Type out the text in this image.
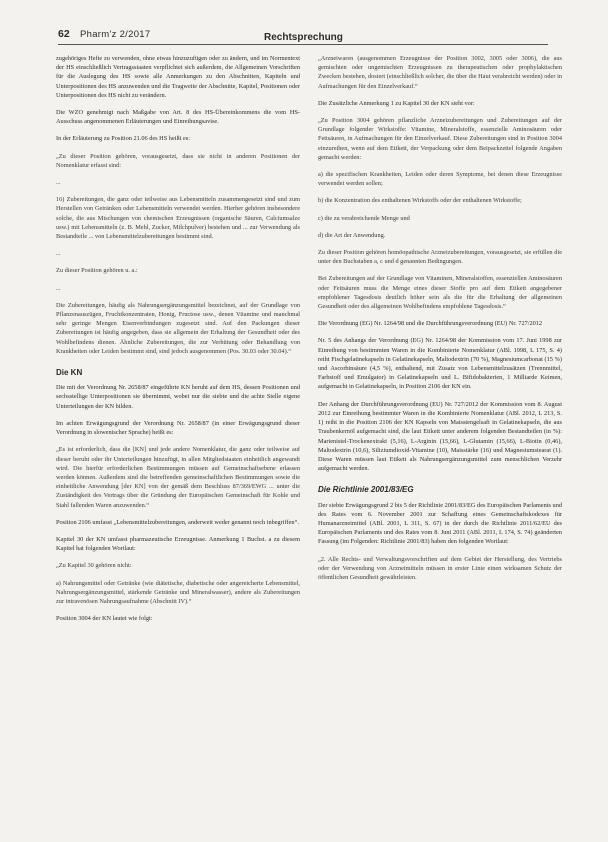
62 Pharm'z 2/2017	Rechtsprechung

zugehöriges Hefte zu verwenden, ohne etwas hinzuzufügen oder zu ändern, und im Normentext der HS einschließlich Vertragsstaaten verpflichtet sich außerdem, die Allgemeinen Vorschriften für die Auslegung des HS sowie alle Anmerkungen zu den Abschnitten, Kapiteln und Unterpositionen des HS anzuwenden und die Tragweite der Abschnitte, Kapitel, Positionen oder Unterpositionen des HS nicht zu verändern.

Die WZO genehmigt nach Maßgabe von Art. 8 des HS-Übereinkommens die vom HS-Ausschuss angenommenen Erläuterungen und Einreihungsavise.

In der Erläuterung zu Position 21.06 des HS heißt es:

„Zu dieser Position gehören, vorausgesetzt, dass sie nicht in anderen Positionen der Nomenklatur erfasst sind:

...

16) Zubereitungen, die ganz oder teilweise aus Lebensmitteln zusammengesetzt sind und zum Herstellen von Getränken oder Lebensmitteln verwendet werden. Hierher gehören insbesondere solche, die aus Mischungen von chemischen Erzeugnissen (organische Säuren, Calciumsalze usw.) mit Lebensmitteln (z. B. Mehl, Zucker, Milchpulver) bestehen und ... zur Verwendung als Bestandteile ... von Lebensmittelzubereitungen bestimmt sind.

...

Zu dieser Position gehören u. a.:

...

Die Zubereitungen, häufig als Nahrungsergänzungsmittel bezeichnet, auf der Grundlage von Pflanzenauszügen, Fruchtkonzentraten, Honig, Fructose usw., denen Vitamine und manchmal sehr geringe Mengen Eisenverbindungen zugesetzt sind. Auf den Packungen dieser Zubereitungen ist häufig angegeben, dass sie allgemein der Erhaltung der Gesundheit oder des Wohlbefindens dienen. Ähnliche Zubereitungen, die zur Verhütung oder Behandlung von Krankheiten oder Leiden bestimmt sind, sind jedoch ausgenommen (Pos. 30.03 oder 30.04).“

Die KN

Die mit der Verordnung Nr. 2658/87 eingeführte KN beruht auf dem HS, dessen Positionen und sechsstellige Unterpositionen sie übernimmt, wobei nur die siebte und die achte Stelle eigene Unterteilungen der KN bilden.

Im achten Erwägungsgrund der Verordnung Nr. 2658/87 (in einer Erwägungsgrund dieser Verordnung in slowenischer Sprache) heißt es:

„Es ist erforderlich, dass die [KN] und jede andere Nomenklatur, die ganz oder teilweise auf dieser beruht oder ihr Unterteilungen hinzufügt, in allen Mitgliedstaaten einheitlich angewandt wird. Die hierfür erforderlichen Bestimmungen müssen auf Gemeinschaftsebene erlassen werden können. Außerdem sind die betreffenden gemeinschaftlichen Bestimmungen sowie die einheitliche Anwendung [der KN] von der gemäß dem Beschluss 87/369/EWG ... unter die Zuständigkeit des Vertrags über die Gründung der Europäischen Gemeinschaft für Kohle und Stahl fallenden Waren anzuwenden.“

Position 2106 umfasst „Lebensmittelzubereitungen, anderweit weder genannt noch inbegriffen“.

Kapitel 30 der KN umfasst pharmazeutische Erzeugnisse. Anmerkung 1 Buchst. a zu diesem Kapitel hat folgenden Wortlaut:

„Zu Kapitel 30 gehören nicht:

a) Nahrungsmittel oder Getränke (wie diätetische, diabetische oder angereicherte Lebensmittel, Nahrungsergänzungsmittel, stärkende Getränke und Mineralwasser), andere als Zubereitungen zur intravenösen Nahrungsaufnahme (Abschnitt IV).“

Position 3004 der KN lautet wie folgt:

„Arzneiwaren (ausgenommen Erzeugnisse der Position 3002, 3005 oder 3006), die aus gemischten oder ungemischten Erzeugnissen zu therapeutischen oder prophylaktischen Zwecken bestehen, dosiert (einschließlich solcher, die über die Haut verabreicht werden) oder in Aufmachungen für den Einzelverkauf.“

Die Zusätzliche Anmerkung 1 zu Kapitel 30 der KN sieht vor:

„Zu Position 3004 gehören pflanzliche Arzneizubereitungen und Zubereitungen auf der Grundlage folgender Wirkstoffe: Vitamine, Mineralstoffe, essenzielle Aminosäuren oder Fettsäuren, in Aufmachungen für den Einzelverkauf. Diese Zubereitungen sind in Position 3004 einzureihen, wenn auf dem Etikett, der Verpackung oder dem Beipackzettel folgende Angaben gemacht werden:

a) die spezifischen Krankheiten, Leiden oder deren Symptome, bei denen diese Erzeugnisse verwendet werden sollen;

b) die Konzentration des enthaltenen Wirkstoffs oder der enthaltenen Wirkstoffe;

c) die zu verabreichende Menge und

d) die Art der Anwendung.

Zu dieser Position gehören homöopathische Arzneizubereitungen, vorausgesetzt, sie erfüllen die unter den Buchstaben a, c und d genannten Bedingungen.

Bei Zubereitungen auf der Grundlage von Vitaminen, Mineralstoffen, essenziellen Aminosäuren oder Fettsäuren muss die Menge eines dieser Stoffe pro auf dem Etikett angegebener empfohlener Tagesdosis deutlich höher sein als die für die Erhaltung der allgemeinen Gesundheit oder des allgemeinen Wohlbefindens empfohlene Tagesdosis.“

Die Verordnung (EG) Nr. 1264/98 und die Durchführungsverordnung (EU) Nr. 727/2012

Nr. 5 des Anhangs der Verordnung (EG) Nr. 1264/98 der Kommission vom 17. Juni 1998 zur Einreihung von bestimmten Waren in die Kombinierte Nomenklatur (ABl. 1998, L 175, S. 4) reiht Fischgelatinekapseln in Gelatinekapseln, Maltodextrin (70 %), Magnesiumcarbonat (15 %) und Ascorbinsäure (4,5 %), enthaltend, mit Zusatz von Lebensmittelzusätzen (Trennmittel, Farbstoff und Emulgator) in Gelatinekapseln und L. Bifidobakterien, 1 Milliarde Keimen, aufgemacht in Gelatinekapseln, in Position 2106 der KN ein.

Der Anhang der Durchführungsverordnung (EU) Nr. 727/2012 der Kommission vom 8. August 2012 zur Einreihung bestimmter Waren in die Kombinierte Nomenklatur (ABl. 2012, L 213, S. 1) reiht in die Position 2106 der KN Kapseln von Maisstengelsaft in Gelatinekapseln, die aus Traubenkernöl aufgemacht sind, die laut Etikett unter anderem folgenden Bestandteilen (in %): Marienistel-Trockenextrakt (5,16), L-Arginin (15,66), L-Glutamin (15,66), L-Biotin (0,46), Maltodextrin (10,6), Siliziumdioxid-Vitamine (10), Maisstärke (16) und Magnesiumstearat (1). Diese Waren müssen laut Etikett als Nahrungsergänzungsmittel zum menschlichen Verzehr aufgemacht werden.

Die Richtlinie 2001/83/EG

Der siebte Erwägungsgrund 2 bis 5 der Richtlinie 2001/83/EG des Europäischen Parlaments und des Rates vom 6. November 2001 zur Schaffung eines Gemeinschaftskodexes für Humanarzneimittel (ABl. 2001, L 311, S. 67) in der durch die Richtlinie 2011/62/EU des Europäischen Parlaments und des Rates vom 8. Juni 2011 (ABl. 2011, L 174, S. 74) geänderten Fassung (im Folgenden: Richtlinie 2001/83) haben den folgenden Wortlaut:

„2. Alle Rechts- und Verwaltungsvorschriften auf dem Gebiet der Herstellung, des Vertriebs oder der Verwendung von Arzneimitteln müssen in erster Linie einen wirksamen Schutz der öffentlichen Gesundheit gewährleisten.
